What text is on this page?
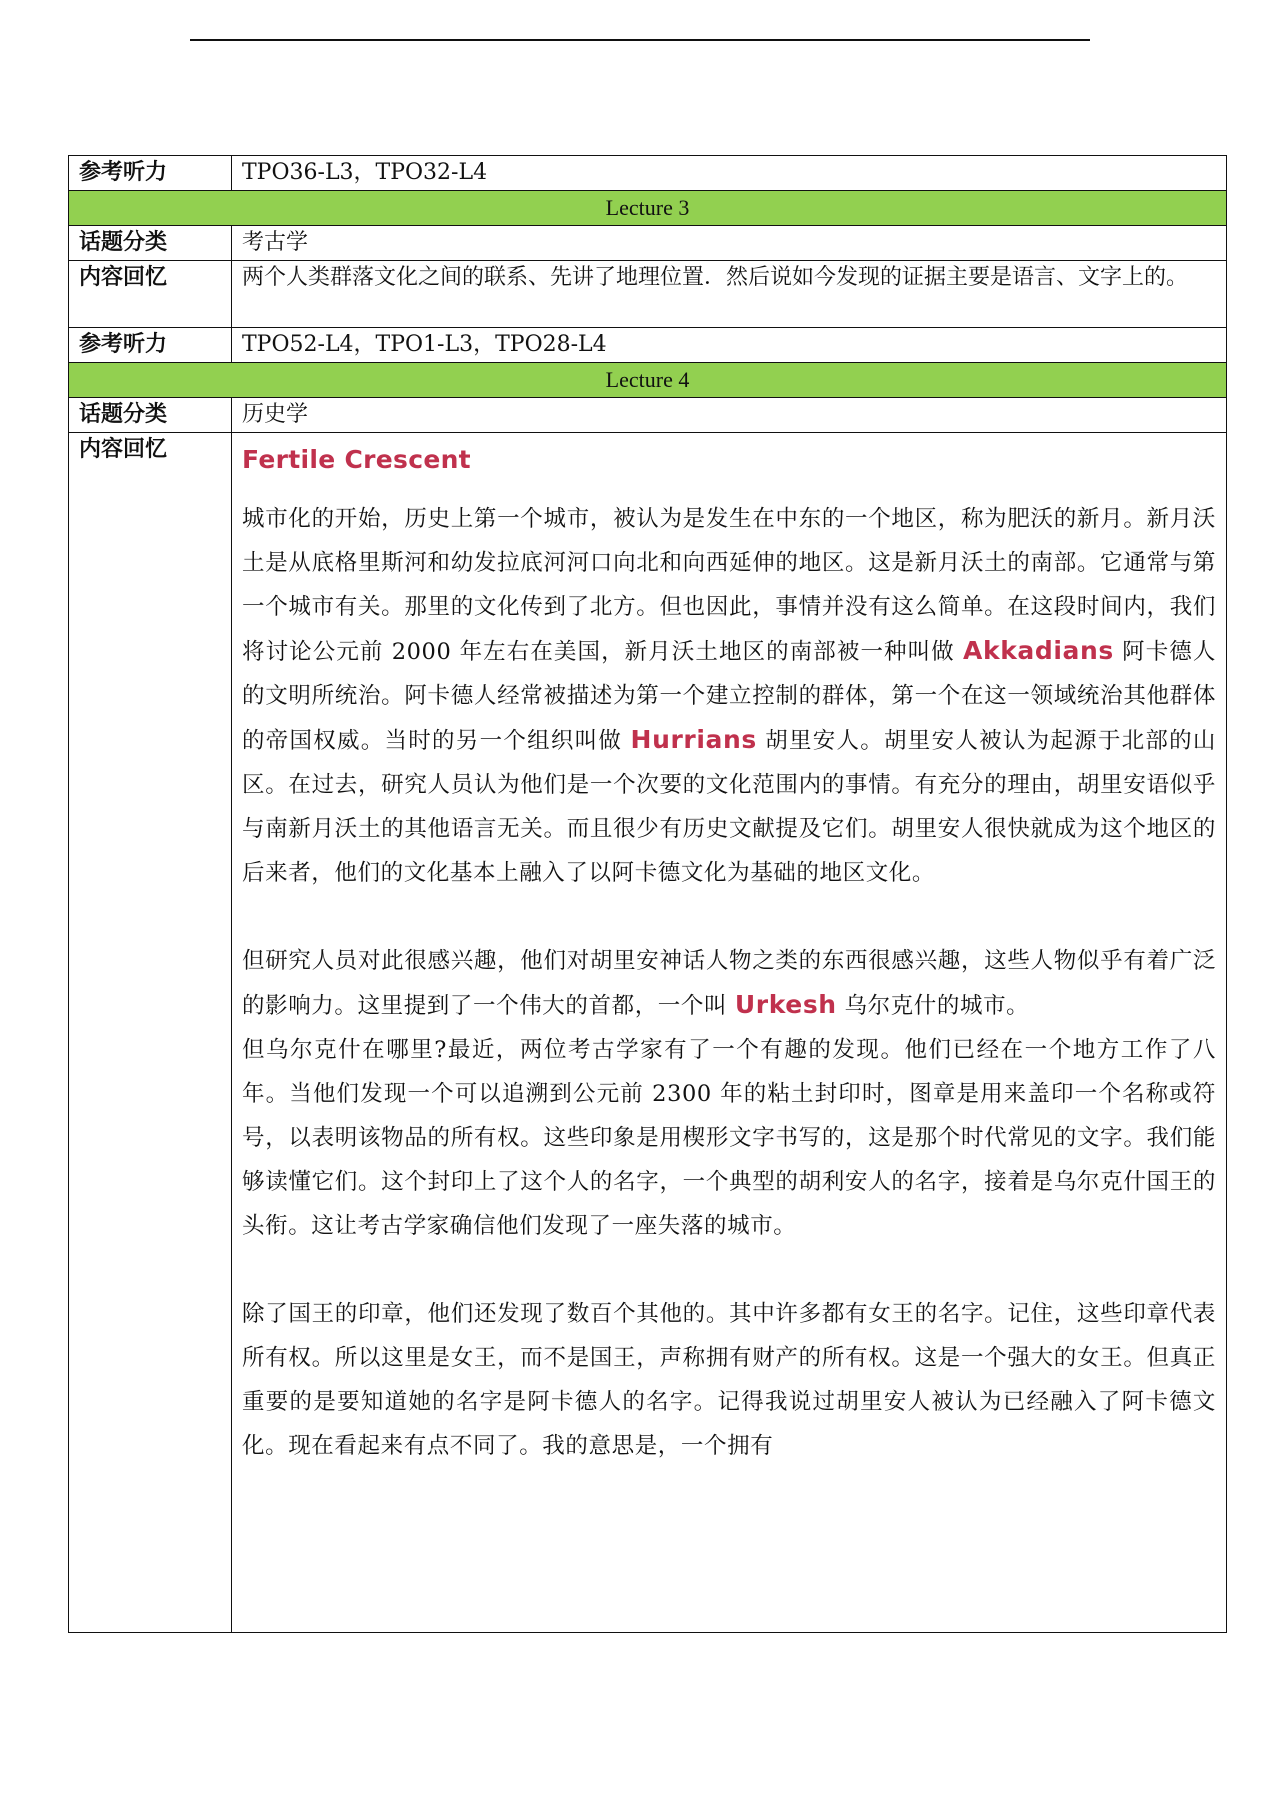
参考听力	TPO36-L3，TPO32-L4
Lecture 3	
话题分类	考古学
内容回忆	两个人类群落文化之间的联系、先讲了地理位置．然后说如今发现的证据主要是语言、文字上的。
参考听力	TPO52-L4，TPO1-L3，TPO28-L4
Lecture 4	
话题分类	历史学
内容回忆	Fertile Crescent

城市化的开始，历史上第一个城市，被认为是发生在中东的一个地区，称为肥沃的新月。新月沃土是从底格里斯河和幼发拉底河河口向北和向西延伸的地区。这是新月沃土的南部。它通常与第一个城市有关。那里的文化传到了北方。但也因此，事情并没有这么简单。在这段时间内，我们将讨论公元前 2000 年左右在美国，新月沃土地区的南部被一种叫做 Akkadians 阿卡德人的文明所统治。阿卡德人经常被描述为第一个建立控制的群体，第一个在这一领域统治其他群体的帝国权威。当时的另一个组织叫做 Hurrians 胡里安人。胡里安人被认为起源于北部的山区。在过去，研究人员认为他们是一个次要的文化范围内的事情。有充分的理由，胡里安语似乎与南新月沃土的其他语言无关。而且很少有历史文献提及它们。胡里安人很快就成为这个地区的后来者，他们的文化基本上融入了以阿卡德文化为基础的地区文化。

但研究人员对此很感兴趣，他们对胡里安神话人物之类的东西很感兴趣，这些人物似乎有着广泛的影响力。这里提到了一个伟大的首都，一个叫 Urkesh 乌尔克什的城市。

但乌尔克什在哪里?最近，两位考古学家有了一个有趣的发现。他们已经在一个地方工作了八年。当他们发现一个可以追溯到公元前 2300 年的粘土封印时，图章是用来盖印一个名称或符号，以表明该物品的所有权。这些印象是用楔形文字书写的，这是那个时代常见的文字。我们能够读懂它们。这个封印上了这个人的名字，一个典型的胡利安人的名字，接着是乌尔克什国王的头衔。这让考古学家确信他们发现了一座失落的城市。

除了国王的印章，他们还发现了数百个其他的。其中许多都有女王的名字。记住，这些印章代表所有权。所以这里是女王，而不是国王，声称拥有财产的所有权。这是一个强大的女王。但真正重要的是要知道她的名字是阿卡德人的名字。记得我说过胡里安人被认为已经融入了阿卡德文化。现在看起来有点不同了。我的意思是，一个拥有
